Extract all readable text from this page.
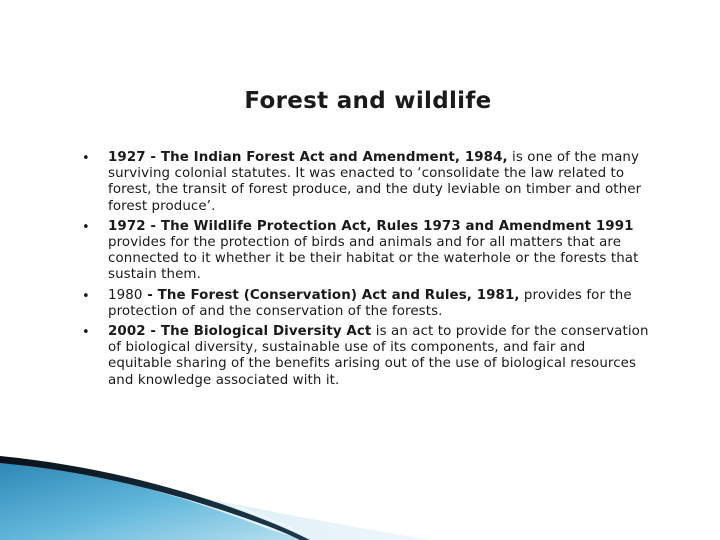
Forest and wildlife
• 1927 - The Indian Forest Act and Amendment, 1984, is one of the many surviving colonial statutes. It was enacted to ‘consolidate the law related to forest, the transit of forest produce, and the duty leviable on timber and other forest produce’.
• 1972 - The Wildlife Protection Act, Rules 1973 and Amendment 1991 provides for the protection of birds and animals and for all matters that are connected to it whether it be their habitat or the waterhole or the forests that sustain them.
• 1980 - The Forest (Conservation) Act and Rules, 1981, provides for the protection of and the conservation of the forests.
• 2002 - The Biological Diversity Act is an act to provide for the conservation of biological diversity, sustainable use of its components, and fair and equitable sharing of the benefits arising out of the use of biological resources and knowledge associated with it.
